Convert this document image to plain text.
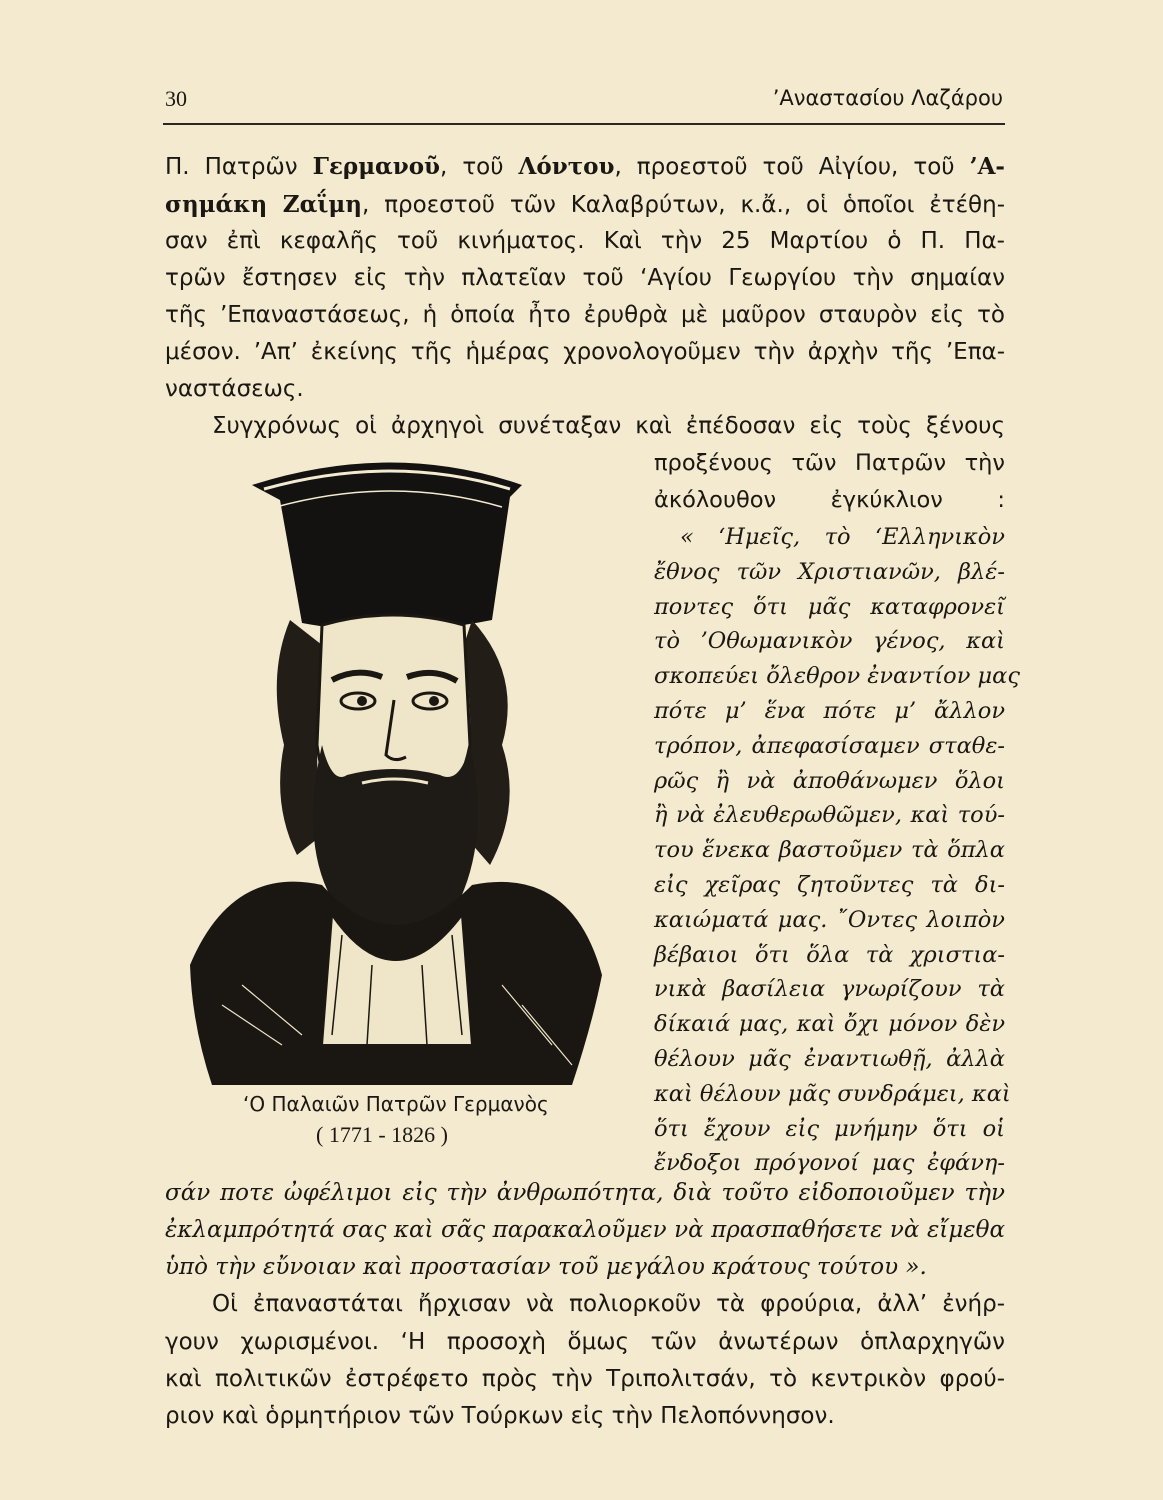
30	’Αναστασίου Λαζάρου
Π. Πατρῶν Γερμανοῦ, τοῦ Λόντου, προεστοῦ τοῦ Αἰγίου, τοῦ ’Α-
σημάκη Ζαΐμη, προεστοῦ τῶν Καλαβρύτων, κ.ἄ., οἱ ὁποῖοι ἐτέθη-
σαν ἐπὶ κεφαλῆς τοῦ κινήματος. Καὶ τὴν 25 Μαρτίου ὁ Π. Πα-
τρῶν ἔστησεν εἰς τὴν πλατεῖαν τοῦ ‘Αγίου Γεωργίου τὴν σημαίαν
τῆς ’Επαναστάσεως, ἡ ὁποία ἦτο ἐρυθρὰ μὲ μαῦρον σταυρὸν εἰς τὸ
μέσον. ’Απ’ ἐκείνης τῆς ἡμέρας χρονολογοῦμεν τὴν ἀρχὴν τῆς ’Επα-
ναστάσεως.
Συγχρόνως οἱ ἀρχηγοὶ συνέταξαν καὶ ἐπέδοσαν εἰς τοὺς ξένους
προξένους τῶν Πατρῶν τὴν
ἀκόλουθον ἐγκύκλιον :
« ‘Ημεῖς, τὸ ‘Ελληνικὸν
ἔθνος τῶν Χριστιανῶν, βλέ-
ποντες ὅτι μᾶς καταφρονεῖ
τὸ ’Οθωμανικὸν γένος, καὶ
σκοπεύει ὄλεθρον ἐναντίον μας
πότε μ’ ἕνα πότε μ’ ἄλλον
τρόπον, ἀπεφασίσαμεν σταθε-
ρῶς ἢ νὰ ἀποθάνωμεν ὅλοι
ἢ νὰ ἐλευθερωθῶμεν, καὶ τού-
του ἕνεκα βαστοῦμεν τὰ ὅπλα
εἰς χεῖρας ζητοῦντες τὰ δι-
καιώματά μας. ῎Οντες λοιπὸν
βέβαιοι ὅτι ὅλα τὰ χριστια-
νικὰ βασίλεια γνωρίζουν τὰ
δίκαιά μας, καὶ ὄχι μόνον δὲν
θέλουν μᾶς ἐναντιωθῇ, ἀλλὰ
καὶ θέλουν μᾶς συνδράμει, καὶ
ὅτι ἔχουν εἰς μνήμην ὅτι οἱ
ἔνδοξοι πρόγονοί μας ἐφάνη-
σάν ποτε ὠφέλιμοι εἰς τὴν ἀνθρωπότητα, διὰ τοῦτο εἰδοποιοῦμεν τὴν
ἐκλαμπρότητά σας καὶ σᾶς παρακαλοῦμεν νὰ πρασπαθήσετε νὰ εἴμεθα
ὑπὸ τὴν εὔνοιαν καὶ προστασίαν τοῦ μεγάλου κράτους τούτου ».
Οἱ ἐπαναστάται ἤρχισαν νὰ πολιορκοῦν τὰ φρούρια, ἀλλ’ ἐνήρ-
γουν χωρισμένοι. ‘Η προσοχὴ ὅμως τῶν ἀνωτέρων ὁπλαρχηγῶν
καὶ πολιτικῶν ἐστρέφετο πρὸς τὴν Τριπολιτσάν, τὸ κεντρικὸν φρού-
ριον καὶ ὁρμητήριον τῶν Τούρκων εἰς τὴν Πελοπόννησον.
‘Ο Παλαιῶν Πατρῶν Γερμανὸς
( 1771 - 1826 )
